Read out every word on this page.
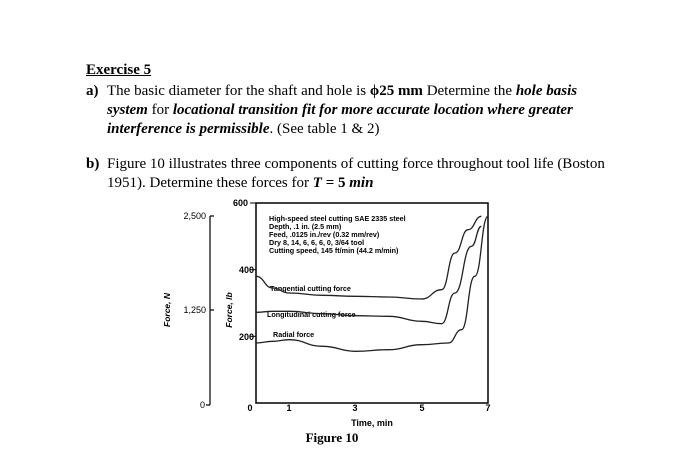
Exercise 5
a) The basic diameter for the shaft and hole is ϕ25 mm Determine the hole basis system for locational transition fit for more accurate location where greater interference is permissible. (See table 1 & 2)
b) Figure 10 illustrates three components of cutting force throughout tool life (Boston 1951). Determine these forces for T = 5 min
2,500
1,250
0
Force, N	Force, lb
600
400
200
0	1	3	5	7
Time, min
High-speed steel cutting SAE 2335 steel
Depth, .1 in. (2.5 mm)
Feed, .0125 in./rev (0.32 mm/rev)
Dry 8, 14, 6, 6, 6, 0, 3/64 tool
Cutting speed, 145 ft/min (44.2 m/min)
Tangential cutting force
Longitudinal cutting force
Radial force
Figure 10
